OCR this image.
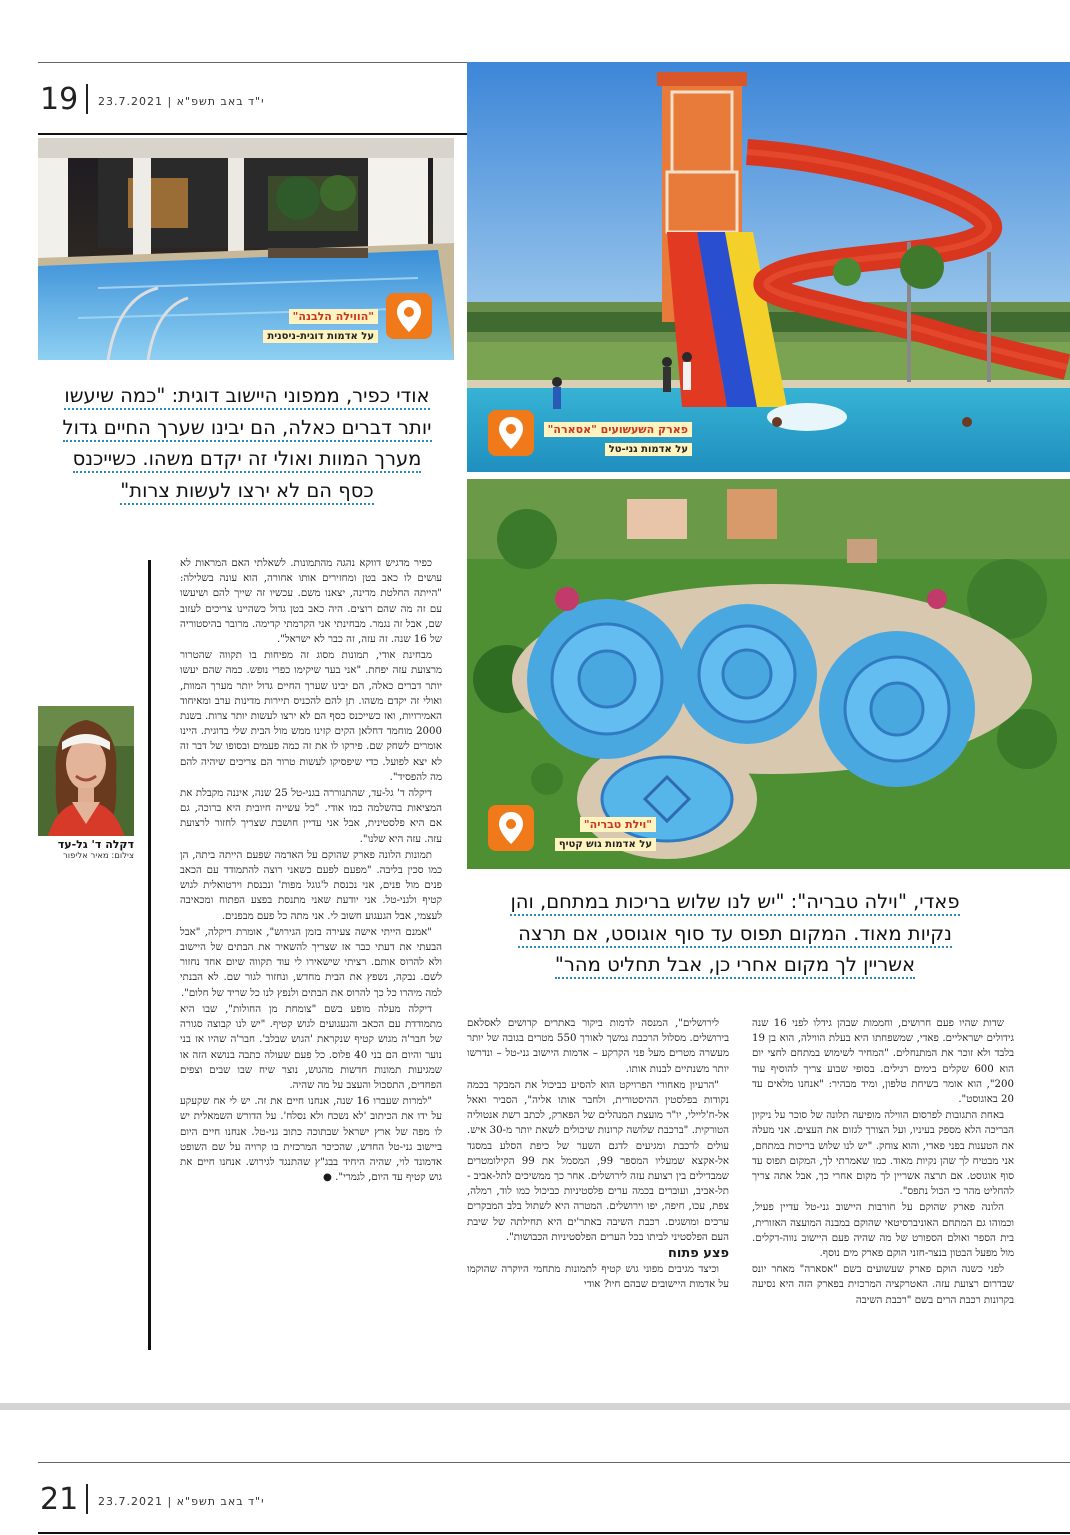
19 י"ד באב תשפ"א | 23.7.2021
"הווילה הלבנה"
על אדמות דוגית-ניסנית
פארק השעשועים "אסארה"
על אדמות גני-טל
"וילת טבריה"
על אדמות גוש קטיף
אודי כפיר, ממפוני היישוב דוגית: "כמה שיעשו
יותר דברים כאלה, הם יבינו שערך החיים גדול
מערך המוות ואולי זה יקדם משהו. כשייכנס
כסף הם לא ירצו לעשות צרות"
פאדי, "וילה טבריה": "יש לנו שלוש בריכות במתחם, והן
נקיות מאוד. המקום תפוס עד סוף אוגוסט, אם תרצה
אשריין לך מקום אחרי כן, אבל תחליט מהר"
דקלה ד' גל-עד
צילום: מאיר אליפור

כפיר מדגיש דווקא נהגה מהתמונות. לשאלתי האם המראות לא עושים לו כאב בטן ומחזירים אותו אחורה, הוא עונה בשלילה: "הייתה החלטת מדינה, יצאנו משם. עכשיו זה שייך להם ושיעשו עם זה מה שהם רוצים. היה כאב בטן גדול כשהיינו צריכים לעזוב שם, אבל זה נגמר. מבחינתי אני הקרמתי קדימה. מרובר בהיסטוריה של 16 שנה. זה עזה, זה כבר לא ישראל".

מבחינת אודי, תמונות מסוג זה מפיחות בו תקווה שהטרור מרצועת עזה יפחת. "אני בעד שיקימו כפרי נופש. כמה שהם יעשו יותר דברים כאלה, הם יבינו שערך החיים גדול יותר מערך המוות, ואולי זה יקדם משהו. תן להם להכניס תיירות מדינות ערב ומאיחוד האמירויות, ואז כשייכנס כסף הם לא ירצו לעשות יותר צרות. בשנת 2000 מוחמד דחלאן הקים קזינו ממש מול הבית שלי בדוגית. היינו אומרים לשחק שם. פירקו לו את זה כמה פעמים ובסופו של דבר זה לא יצא לפועל. כדי שיפסיקו לעשות טרור הם צריכים שיהיה להם מה להפסיד".

דיקלה ד' גל-עד, שהתגוררה בגני-טל 25 שנה, איננה מקבלת את המציאות בהשלמה כמו אודי. "כל עשייה חיובית היא ברוכה, גם אם היא פלסטינית, אבל אני עדיין חושבת שצריך לחזור לרצועת עזה. עזה היא שלנו".

תמונות הלונה פארק שהוקם על האדמה שפעם הייתה ביתה, הן כמו סכין בליבה. "מפעם לפעם כשאני רוצה להתמודד עם הכאב פנים מול פנים, אני נכנסת ל'גוגל מפות' ונכנסת וירטואלית לגוש קטיף ולגני-טל. אני יודעת שאני מתנסת בפצע הפתוח ומכאיבה לעצמי, אבל הגעגוע חשוב לי. אני מתה כל פעם מבפנים.

"אמנם הייתי אישה צעירה בזמן הגירוש", אומרת דיקלה, "אבל הבעתי את דעתי כבר אז שצריך להשאיר את הבתים של היישוב ולא להרוס אותם. רציתי שישאירו לי עוד תקווה שיום אחד נחזור לשם. נבקה, נשפץ את הבית מחדש, ונחזור לגור שם. לא הבנתי למה מיהרו כל כך להרוס את הבתים ולנפץ לנו כל שריד של חלום".

דיקלה מעלה מופע בשם "צומחת מן החולות", שבו היא מתמודדת עם הכאב והגעגועים לגוש קטיף. "יש לנו קבוצה סגורה של חבר'ה מגוש קטיף שנקראת 'הגוש שבלב'. חבר'ה שהיו אז בני נוער והיום הם בני 40 פלוס. כל פעם שעולה כתבה בנושא הזה או שמגיעות תמונות חדשות מהגוש, נוצר שיח שבו שבים וצפים הפחדים, התסכול והעצב על מה שהיה.

"למרות שעברו 16 שנה, אנחנו חיים את זה. יש לי אח שקעקע על ידו את הכיתוב 'לא נשכח ולא נסלח'. על הדורש השמאלית יש לו מפה של ארץ ישראל שבתוכה כתוב גני-טל. אנחנו חיים היום ביישוב גני-טל החדש, שהכיכר המרכזית בו קרויה על שם השופט אדמונד לוי, שהיה היחיד בבג"ץ שהתנגד לגירוש. אנחנו חיים את גוש קטיף עד היום, לגמרי". ●

לירושלים", המנסה לדמות ביקור באתרים קדושים לאסלאם בירושלים. מסלול הרכבת נמשך לאורך 550 מטרים בגובה של יותר מעשרה מטרים מעל פני הקרקע – אדמות היישוב גני-טל – ונדרשו יותר משנתיים לבנות אותו.

"הרעיון מאחורי הפרויקט הוא להסיע כביכול את המבקר בכמה נקודות בפלסטין ההיסטורית, ולחבר אותו אליה", הסביר ואאל אל-ח'ליילי, יו"ר מועצת המנהלים של הפארק, לכתב רשת אנטוליה הטורקית. "ברכבת שלושה קרונות שיכולים לשאת יותר מ-30 איש. עולים לרכבת ומגיעים לדגם השער של כיפת הסלע במסגד אל-אקצא שמעליו המספר 99, המסמל את 99 הקילומטרים שמבדילים בין רצועת עזה לירושלים. אחר כך ממשיכים לתל-אביב - תל-אביב, ועוברים בכמה ערים פלסטיניות כביכול כמו לוד, רמלה, צפת, עכו, חיפה, יפו וירושלים. המטרה היא לשתול בלב המבקרים ערכים ומושגים. רכבת השיבה באתר'ים היא תחילתה של שיבת העם הפלסטיני לביתו בכל הערים הפלסטיניות הכבושות".

פצע פתוח

וכיצד מגיבים מפוני גוש קטיף לתמונות מתחמי היוקרה שהוקמו על אדמות היישובים שבהם חיו? אודי

שדות שהיו פעם חרושים, וחממות שבהן גידלו לפני 16 שנה גידולים ישראליים. פאדי, שמשפחתו היא בעלת הווילה, הוא בן 19 בלבד ולא זוכר את המתנחלים. "המחיר לשימוש במתחם לחצי יום הוא 600 שקלים בימים רגילים. בסופי שבוע צריך להוסיף עוד 200", הוא אומר בשיחת טלפון, ומיד מבהיר: "אנחנו מלאים עד 20 באוגוסט".

באחת התגובות לפרסום הווילה מופיעה תלונה של סוכר על ניקיון הבריכה הלא מספק בעיניו, ועל הצורך לגזום את העצים. אני מעלה את הטענות בפני פאדי, והוא צוחק. "יש לנו שלוש בריכות במתחם, אני מבטיח לך שהן נקיות מאוד. כמו שאמרתי לך, המקום תפוס עד סוף אוגוסט. אם תרצה אשריין לך מקום אחרי כך, אבל אתה צריך להחליט מהר כי הכול נתפס".

הלונה פארק שהוקם על חורבות היישוב גני-טל עדיין פעיל, וכמוהו גם המתחם האוניברסיטאי שהוקם במבנה המועצה האזורית, בית הספר ואולם הספורט של מה שהיה פעם היישוב נווה-דקלים. מול מפעל הבטון בנצר-חזני הוקם פארק מים נוסף.

לפני כשנה הוקם פארק שעשועים בשם "אסארה" מאחר יונס שבדרום רצועת עזה. האטרקציה המרכזית בפארק הזה היא נסיעה בקרונות רכבת הרים בשם "רכבת השיבה

21 י"ד באב תשפ"א | 23.7.2021
